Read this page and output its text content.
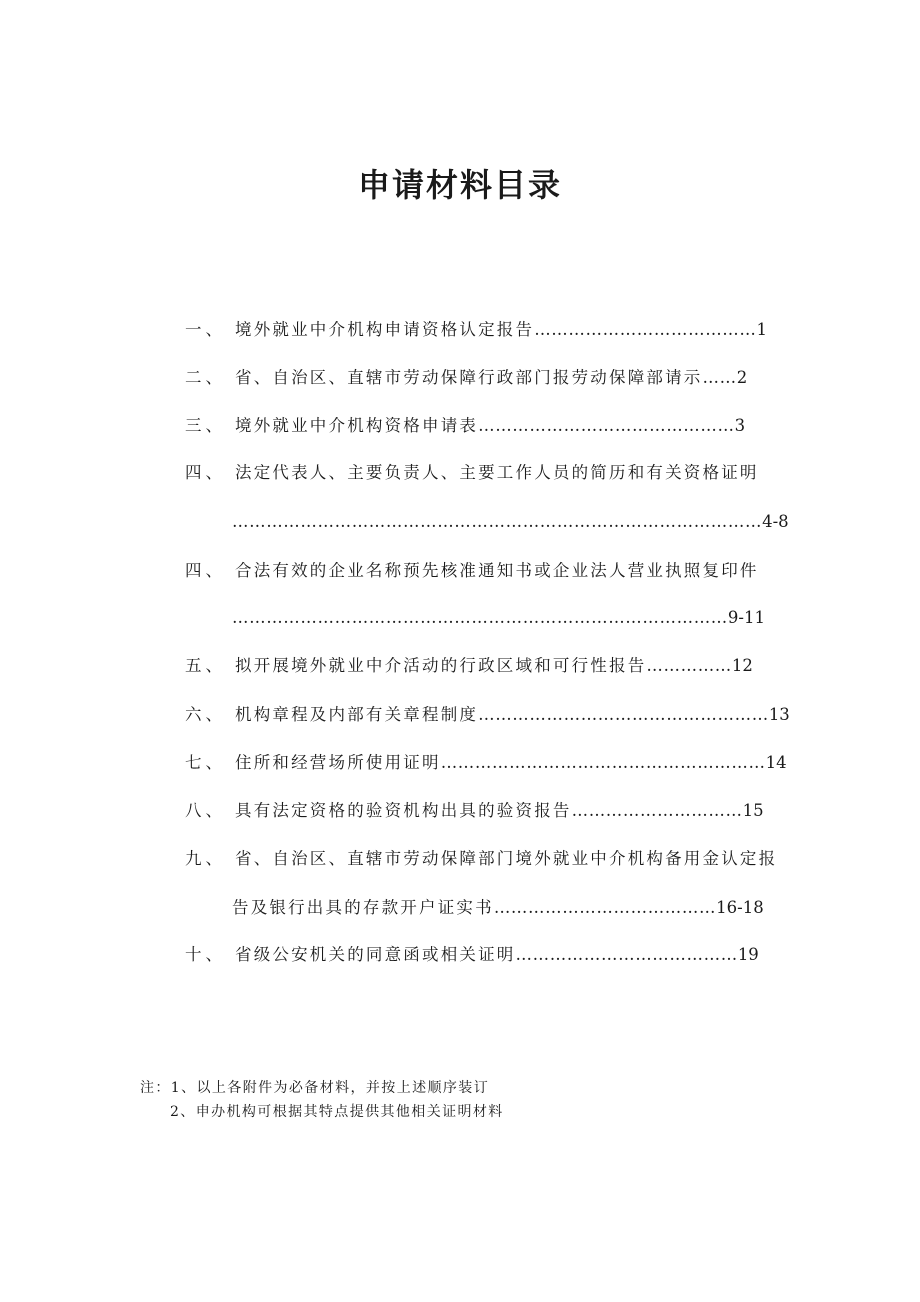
申请材料目录
一、 境外就业中介机构申请资格认定报告…………………………………1
二、 省、自治区、直辖市劳动保障行政部门报劳动保障部请示……2
三、 境外就业中介机构资格申请表………………………………………3
四、 法定代表人、主要负责人、主要工作人员的简历和有关资格证明
…………………………………………………………………………………4-8
四、 合法有效的企业名称预先核准通知书或企业法人营业执照复印件
……………………………………………………………………………9-11
五、 拟开展境外就业中介活动的行政区域和可行性报告……………12
六、 机构章程及内部有关章程制度……………………………………………13
七、 住所和经营场所使用证明…………………………………………………14
八、 具有法定资格的验资机构出具的验资报告…………………………15
九、 省、自治区、直辖市劳动保障部门境外就业中介机构备用金认定报
告及银行出具的存款开户证实书…………………………………16-18
十、 省级公安机关的同意函或相关证明…………………………………19
注：1、以上各附件为必备材料，并按上述顺序装订
2、申办机构可根据其特点提供其他相关证明材料
